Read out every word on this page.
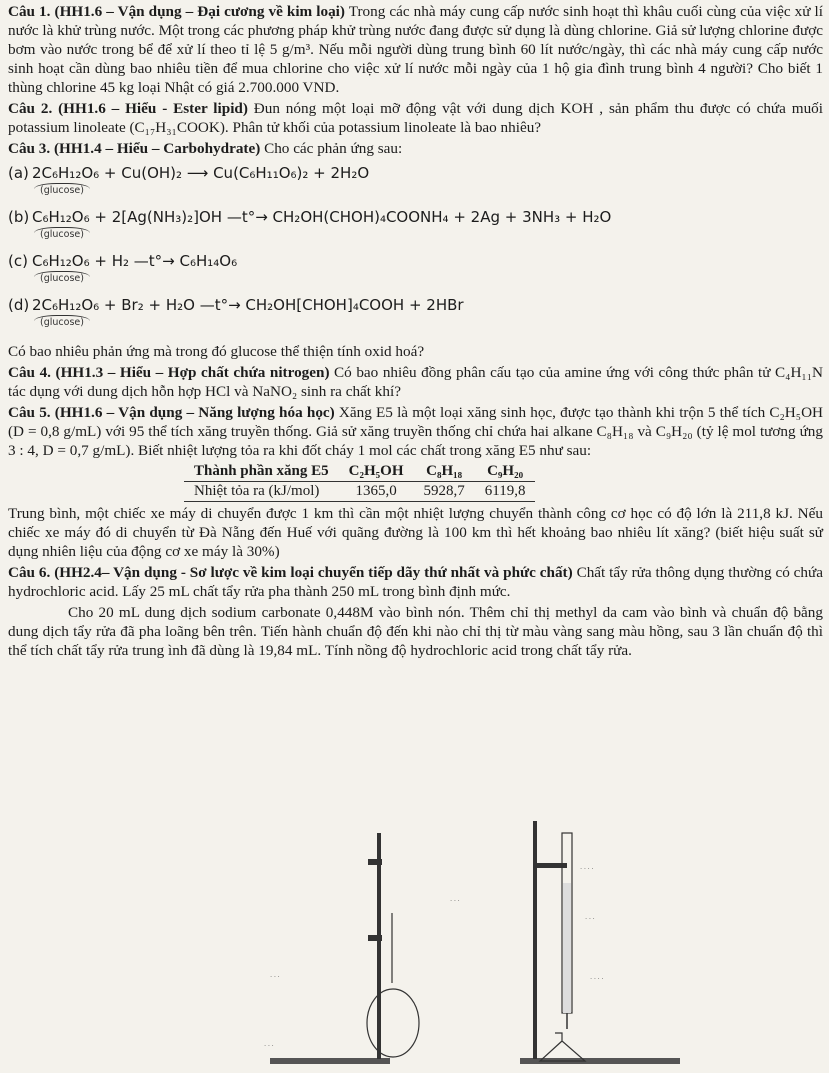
Câu 1. (HH1.6 – Vận dụng – Đại cương về kim loại) Trong các nhà máy cung cấp nước sinh hoạt thì khâu cuối cùng của việc xử lí nước là khử trùng nước. Một trong các phương pháp khử trùng nước đang được sử dụng là dùng chlorine. Giả sử lượng chlorine được bơm vào nước trong bể để xử lí theo tỉ lệ 5 g/m³. Nếu mỗi người dùng trung bình 60 lít nước/ngày, thì các nhà máy cung cấp nước sinh hoạt cần dùng bao nhiêu tiền để mua chlorine cho việc xử lí nước mỗi ngày của 1 hộ gia đình trung bình 4 người? Cho biết 1 thùng chlorine 45 kg loại Nhật có giá 2.700.000 VND.

Câu 2. (HH1.6 – Hiểu - Ester lipid) Đun nóng một loại mỡ động vật với dung dịch KOH , sản phẩm thu được có chứa muối potassium linoleate (C₁₇H₃₁COOK). Phân tử khối của potassium linoleate là bao nhiêu?

Câu 3. (HH1.4 – Hiểu – Carbohydrate) Cho các phản ứng sau:

(a) 2C₆H₁₂O₆ + Cu(OH)₂ ⟶ Cu(C₆H₁₁O₆)₂ + 2H₂O
(glucose)
(b) C₆H₁₂O₆ + 2[Ag(NH₃)₂]OH —t°→ CH₂OH(CHOH)₄COONH₄ + 2Ag + 3NH₃ + H₂O
(glucose)
(c) C₆H₁₂O₆ + H₂ —t°→ C₆H₁₄O₆
(glucose)
(d) 2C₆H₁₂O₆ + Br₂ + H₂O —t°→ CH₂OH[CHOH]₄COOH + 2HBr
(glucose)

Có bao nhiêu phản ứng mà trong đó glucose thể thiện tính oxid hoá?

Câu 4. (HH1.3 – Hiểu – Hợp chất chứa nitrogen) Có bao nhiêu đồng phân cấu tạo của amine ứng với công thức phân tử C₄H₁₁N tác dụng với dung dịch hỗn hợp HCl và NaNO₂ sinh ra chất khí?

Câu 5. (HH1.6 – Vận dụng – Năng lượng hóa học) Xăng E5 là một loại xăng sinh học, được tạo thành khi trộn 5 thể tích C₂H₅OH (D = 0,8 g/mL) với 95 thể tích xăng truyền thống. Giả sử xăng truyền thống chỉ chứa hai alkane C₈H₁₈ và C₉H₂₀ (tỷ lệ mol tương ứng 3 : 4, D = 0,7 g/mL). Biết nhiệt lượng tỏa ra khi đốt cháy 1 mol các chất trong xăng E5 như sau:

Thành phần xăng E5	C₂H₅OH	C₈H₁₈	C₉H₂₀
Nhiệt tỏa ra (kJ/mol)	1365,0	5928,7	6119,8

Trung bình, một chiếc xe máy di chuyển được 1 km thì cần một nhiệt lượng chuyển thành công cơ học có độ lớn là 211,8 kJ. Nếu chiếc xe máy đó di chuyển từ Đà Nẵng đến Huế với quãng đường là 100 km thì hết khoảng bao nhiêu lít xăng? (biết hiệu suất sử dụng nhiên liệu của động cơ xe máy là 30%)

Câu 6. (HH2.4– Vận dụng - Sơ lược về kim loại chuyển tiếp dãy thứ nhất và phức chất) Chất tẩy rửa thông dụng thường có chứa hydrochloric acid. Lấy 25 mL chất tẩy rửa pha thành 250 mL trong bình định mức.

Cho 20 mL dung dịch sodium carbonate 0,448M vào bình nón. Thêm chỉ thị methyl da cam vào bình và chuẩn độ bằng dung dịch tẩy rửa đã pha loãng bên trên. Tiến hành chuẩn độ đến khi nào chỉ thị từ màu vàng sang màu hồng, sau 3 lần chuẩn độ thì thể tích chất tẩy rửa trung ình đã dùng là 19,84 mL. Tính nồng độ hydrochloric acid trong chất tẩy rửa.

· · · ·
· · ·
· · · ·
· · ·
· · ·
· · ·
